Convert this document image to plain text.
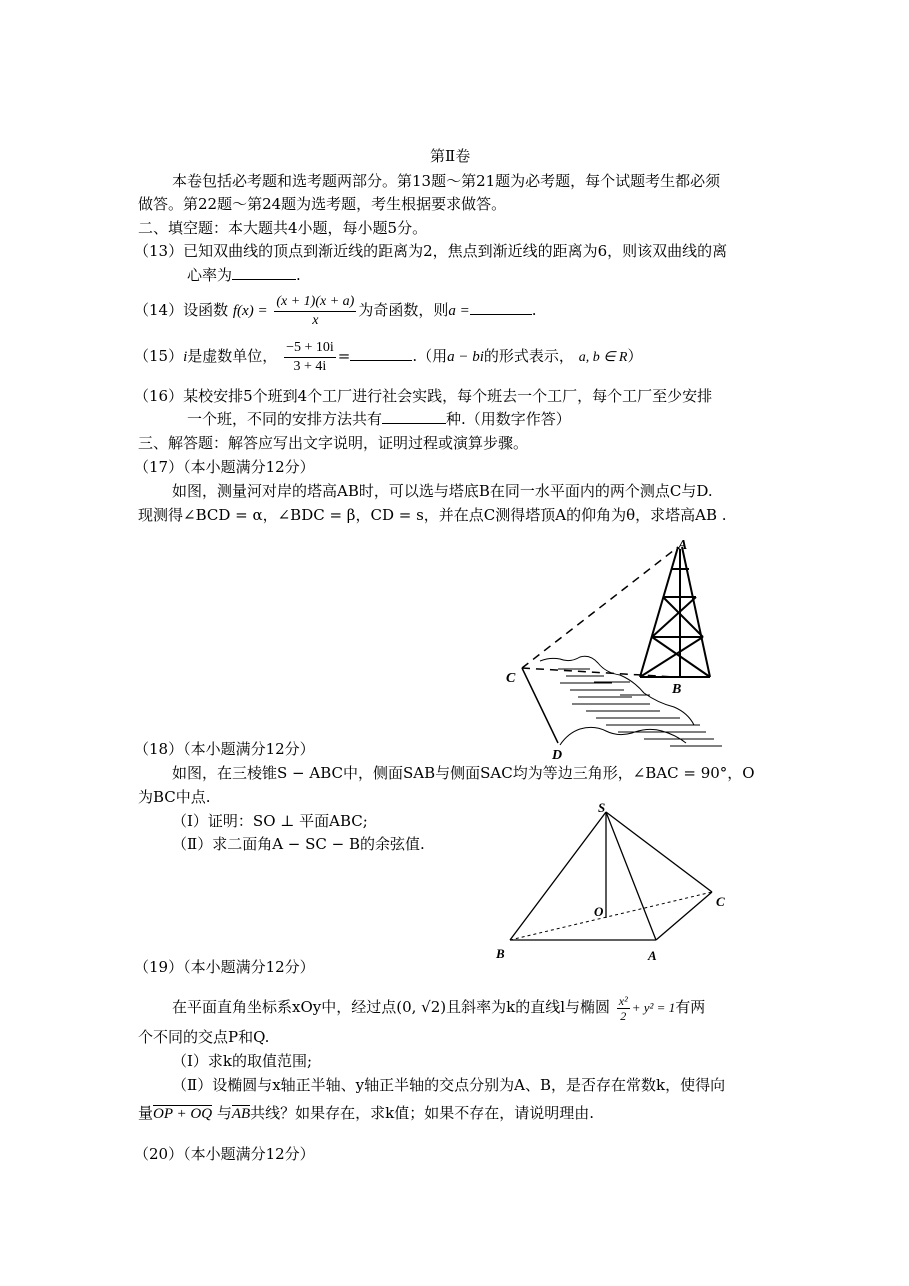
第Ⅱ卷
本卷包括必考题和选考题两部分。第13题～第21题为必考题，每个试题考生都必须
做答。第22题～第24题为选考题，考生根据要求做答。
二、填空题：本大题共4小题，每小题5分。
（13）已知双曲线的顶点到渐近线的距离为2，焦点到渐近线的距离为6，则该双曲线的离
心率为	.
（14）设函数 $f(x) = \frac{(x + 1)(x + a)}{x}$ 为奇函数，则a =	.
（15）i是虚数单位， $\frac{-5 + 10i}{3 + 4i}$ =	.（用a − bi的形式表示， a, b ∈ R）
（16）某校安排5个班到4个工厂进行社会实践，每个班去一个工厂，每个工厂至少安排
一个班，不同的安排方法共有	种.（用数字作答）
三、解答题：解答应写出文字说明，证明过程或演算步骤。
（17）（本小题满分12分）
如图，测量河对岸的塔高AB时，可以选与塔底B在同一水平面内的两个测点C与D.
现测得∠BCD = α，∠BDC = β，CD = s，并在点C测得塔顶A的仰角为θ，求塔高AB .
A
B
C
D
（18）（本小题满分12分）
如图，在三棱锥S − ABC中，侧面SAB与侧面SAC均为等边三角形，∠BAC = 90°，O
为BC中点.
（Ⅰ）证明：SO ⊥ 平面ABC;
（Ⅱ）求二面角A − SC − B的余弦值.
S
O
C
B	A
（19）（本小题满分12分）
在平面直角坐标系xOy中，经过点(0, √2)且斜率为k的直线l与椭圆 $\frac{\text{x²}}{2} + y^2 = 1$有两
个不同的交点P和Q.
（Ⅰ）求k的取值范围;
（Ⅱ）设椭圆与x轴正半轴、y轴正半轴的交点分别为A、B，是否存在常数k，使得向
量OP + OQ 与AB共线？如果存在，求k值；如果不存在，请说明理由.
（20）（本小题满分12分）
